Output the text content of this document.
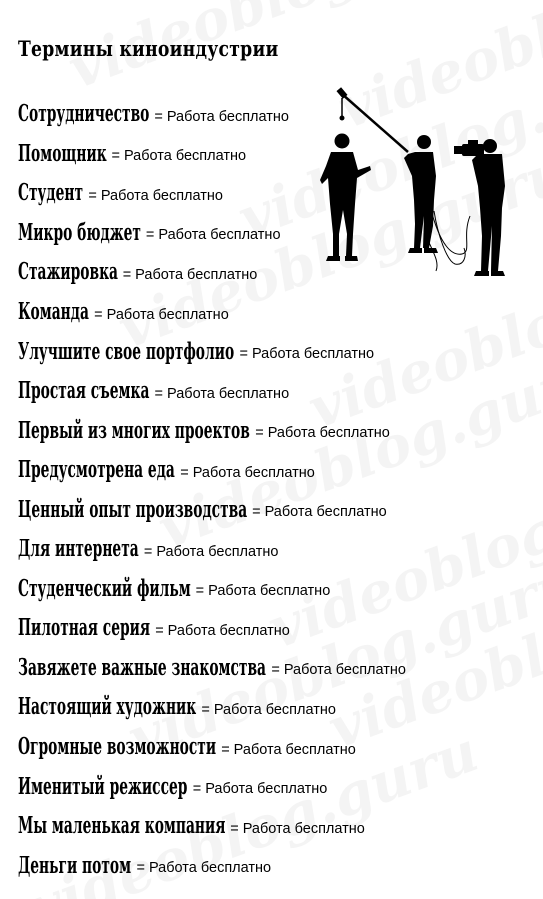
Термины киноиндустрии
Сотрудничество = Работа бесплатно
Помощник = Работа бесплатно
Студент = Работа бесплатно
Микро бюджет = Работа бесплатно
Стажировка = Работа бесплатно
Команда = Работа бесплатно
Улучшите свое портфолио = Работа бесплатно
Простая съемка = Работа бесплатно
Первый из многих проектов = Работа бесплатно
Предусмотрена еда = Работа бесплатно
Ценный опыт производства = Работа бесплатно
Для интернета = Работа бесплатно
Студенческий фильм = Работа бесплатно
Пилотная серия = Работа бесплатно
Завяжете важные знакомства = Работа бесплатно
Настоящий художник = Работа бесплатно
Огромные возможности = Работа бесплатно
Именитый режиссер = Работа бесплатно
Мы маленькая компания = Работа бесплатно
Деньги потом = Работа бесплатно
